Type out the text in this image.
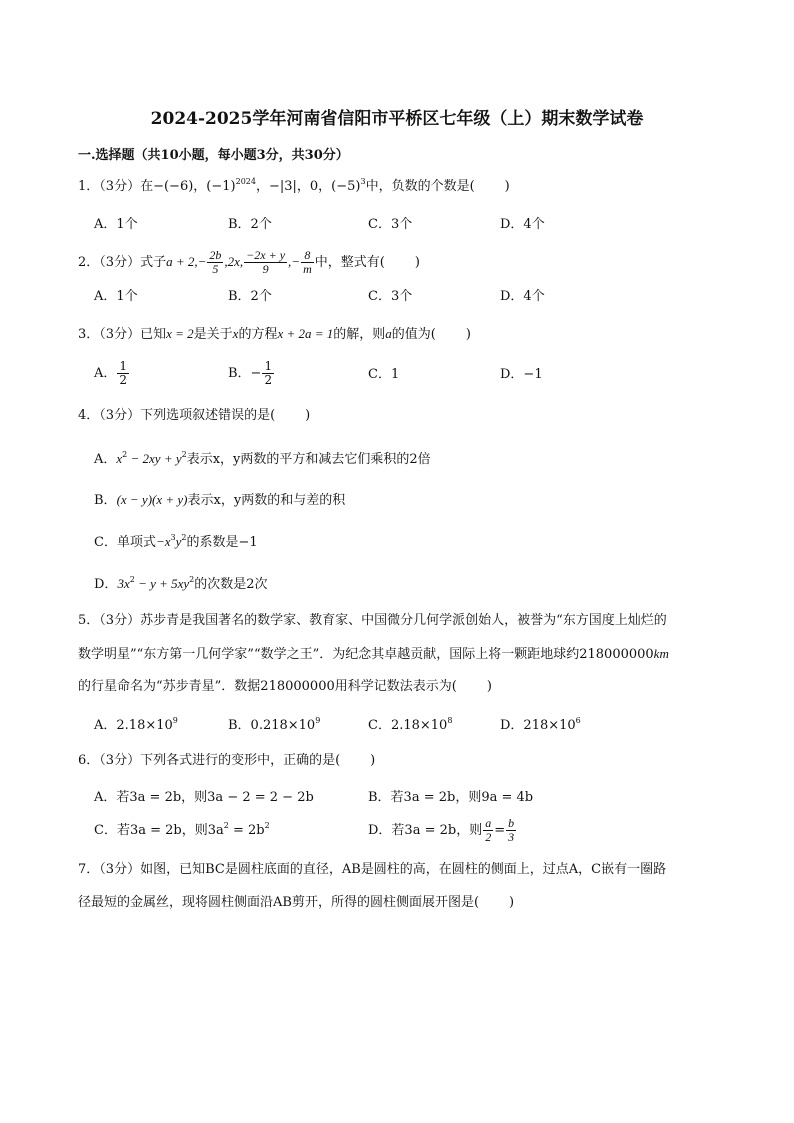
2024-2025学年河南省信阳市平桥区七年级（上）期末数学试卷
一.选择题（共10小题，每小题3分，共30分）
1．（3分）在−(−6)，$(-1)^{2024}$，−|3|，0，$(-5)^3$中，负数的个数是( )
A．1个	B．2个	C．3个	D．4个
2．（3分）式子$a + 2,- \frac{2b}{5} ,2x$, $\frac{-2x + y}{9}$ ,− $\frac{8}{m}$ 中，整式有( )
A．1个	B．2个	C．3个	D．4个
3．（3分）已知x = 2是关于x的方程x + 2a = 1的解，则a的值为( )
A． $\frac{1}{2}$	B．− $\frac{1}{2}$	C．1	D．−1
4．（3分）下列选项叙述错误的是( )
A．$x^2 - 2xy + y^2$表示x，y两数的平方和减去它们乘积的2倍
B．(x − y)(x + y)表示x，y两数的和与差的积
C．单项式$-x^3y^2$的系数是−1
D．$3x^2 - y + 5xy^2$的次数是2次
5．（3分）苏步青是我国著名的数学家、教育家、中国微分几何学派创始人，被誉为“东方国度上灿烂的
数学明星”“东方第一几何学家”“数学之王”．为纪念其卓越贡献，国际上将一颗距地球约218000000km
的行星命名为“苏步青星”．数据218000000用科学记数法表示为( )
A．$2.18\times 10^9$	B．$0.218\times 10^9$	C．$2.18\times 10^8$	D．$218\times 10^6$
6．（3分）下列各式进行的变形中，正确的是( )
A．若3a = 2b，则3a − 2 = 2 − 2b	B．若3a = 2b，则9a = 4b
C．若3a = 2b，则$3a^2 = 2b^2$	D．若3a = 2b，则 $\frac{a}{2} = \frac{b}{3}$
7．（3分）如图，已知BC是圆柱底面的直径，AB是圆柱的高，在圆柱的侧面上，过点A，C嵌有一圈路
径最短的金属丝，现将圆柱侧面沿AB剪开，所得的圆柱侧面展开图是( )
